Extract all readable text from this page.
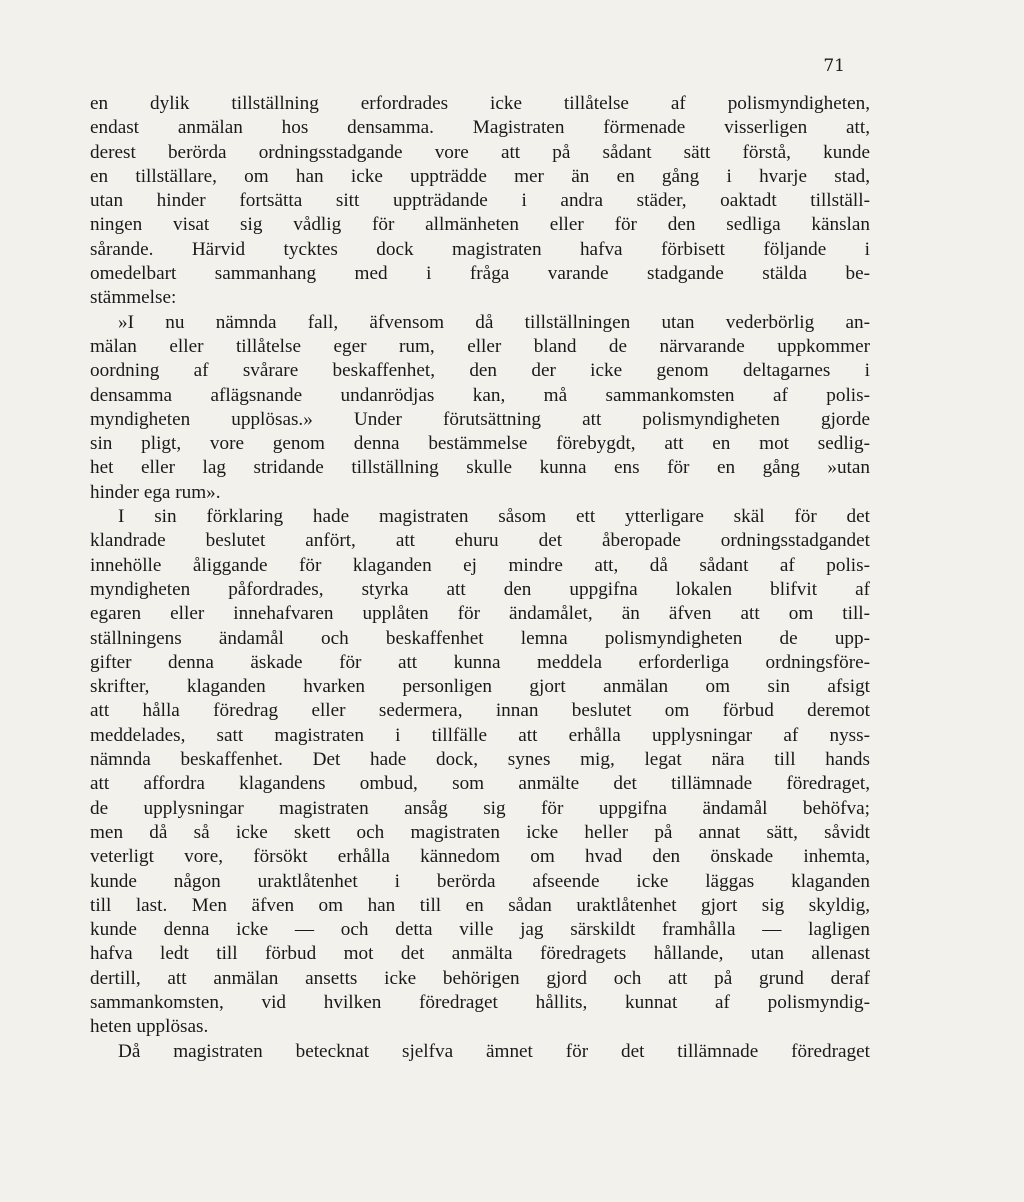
71
en dylik tillställning erfordrades icke tillåtelse af polismyndigheten,
endast anmälan hos densamma. Magistraten förmenade visserligen att,
derest berörda ordningsstadgande vore att på sådant sätt förstå, kunde
en tillställare, om han icke uppträdde mer än en gång i hvarje stad,
utan hinder fortsätta sitt uppträdande i andra städer, oaktadt tillställ-
ningen visat sig vådlig för allmänheten eller för den sedliga känslan
sårande. Härvid tycktes dock magistraten hafva förbisett följande i
omedelbart sammanhang med i fråga varande stadgande stälda be-
stämmelse:
»I nu nämnda fall, äfvensom då tillställningen utan vederbörlig an-
mälan eller tillåtelse eger rum, eller bland de närvarande uppkommer
oordning af svårare beskaffenhet, den der icke genom deltagarnes i
densamma aflägsnande undanrödjas kan, må sammankomsten af polis-
myndigheten upplösas.» Under förutsättning att polismyndigheten gjorde
sin pligt, vore genom denna bestämmelse förebygdt, att en mot sedlig-
het eller lag stridande tillställning skulle kunna ens för en gång »utan
hinder ega rum».
I sin förklaring hade magistraten såsom ett ytterligare skäl för det
klandrade beslutet anfört, att ehuru det åberopade ordningsstadgandet
innehölle åliggande för klaganden ej mindre att, då sådant af polis-
myndigheten påfordrades, styrka att den uppgifna lokalen blifvit af
egaren eller innehafvaren upplåten för ändamålet, än äfven att om till-
ställningens ändamål och beskaffenhet lemna polismyndigheten de upp-
gifter denna äskade för att kunna meddela erforderliga ordningsföre-
skrifter, klaganden hvarken personligen gjort anmälan om sin afsigt
att hålla föredrag eller sedermera, innan beslutet om förbud deremot
meddelades, satt magistraten i tillfälle att erhålla upplysningar af nyss-
nämnda beskaffenhet. Det hade dock, synes mig, legat nära till hands
att affordra klagandens ombud, som anmälte det tillämnade föredraget,
de upplysningar magistraten ansåg sig för uppgifna ändamål behöfva;
men då så icke skett och magistraten icke heller på annat sätt, såvidt
veterligt vore, försökt erhålla kännedom om hvad den önskade inhemta,
kunde någon uraktlåtenhet i berörda afseende icke läggas klaganden
till last. Men äfven om han till en sådan uraktlåtenhet gjort sig skyldig,
kunde denna icke — och detta ville jag särskildt framhålla — lagligen
hafva ledt till förbud mot det anmälta föredragets hållande, utan allenast
dertill, att anmälan ansetts icke behörigen gjord och att på grund deraf
sammankomsten, vid hvilken föredraget hållits, kunnat af polismyndig-
heten upplösas.
Då magistraten betecknat sjelfva ämnet för det tillämnade föredraget
